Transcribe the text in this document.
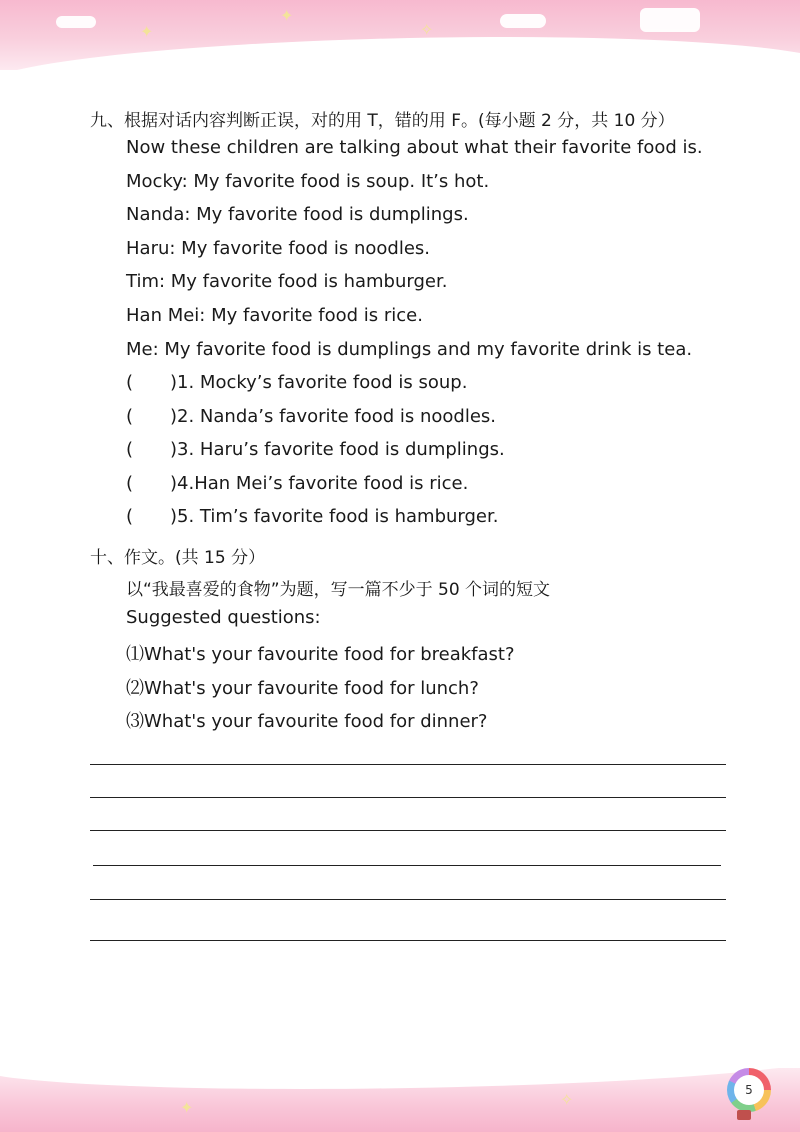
✦
✦
✧
九、根据对话内容判断正误，对的用 T，错的用 F。(每小题 2 分，共 10 分）
Now these children are talking about what their favorite food is.
Mocky: My favorite food is soup. It’s hot.
Nanda: My favorite food is dumplings.
Haru: My favorite food is noodles.
Tim: My favorite food is hamburger.
Han Mei: My favorite food is rice.
Me: My favorite food is dumplings and my favorite drink is tea.
( )1. Mocky’s favorite food is soup.
( )2. Nanda’s favorite food is noodles.
( )3. Haru’s favorite food is dumplings.
( )4.Han Mei’s favorite food is rice.
( )5. Tim’s favorite food is hamburger.
十、作文。(共 15 分）
以“我最喜爱的食物”为题，写一篇不少于 50 个词的短文
Suggested questions:
⑴What's your favourite food for breakfast?
⑵What's your favourite food for lunch?
⑶What's your favourite food for dinner?
✦	✧	5
